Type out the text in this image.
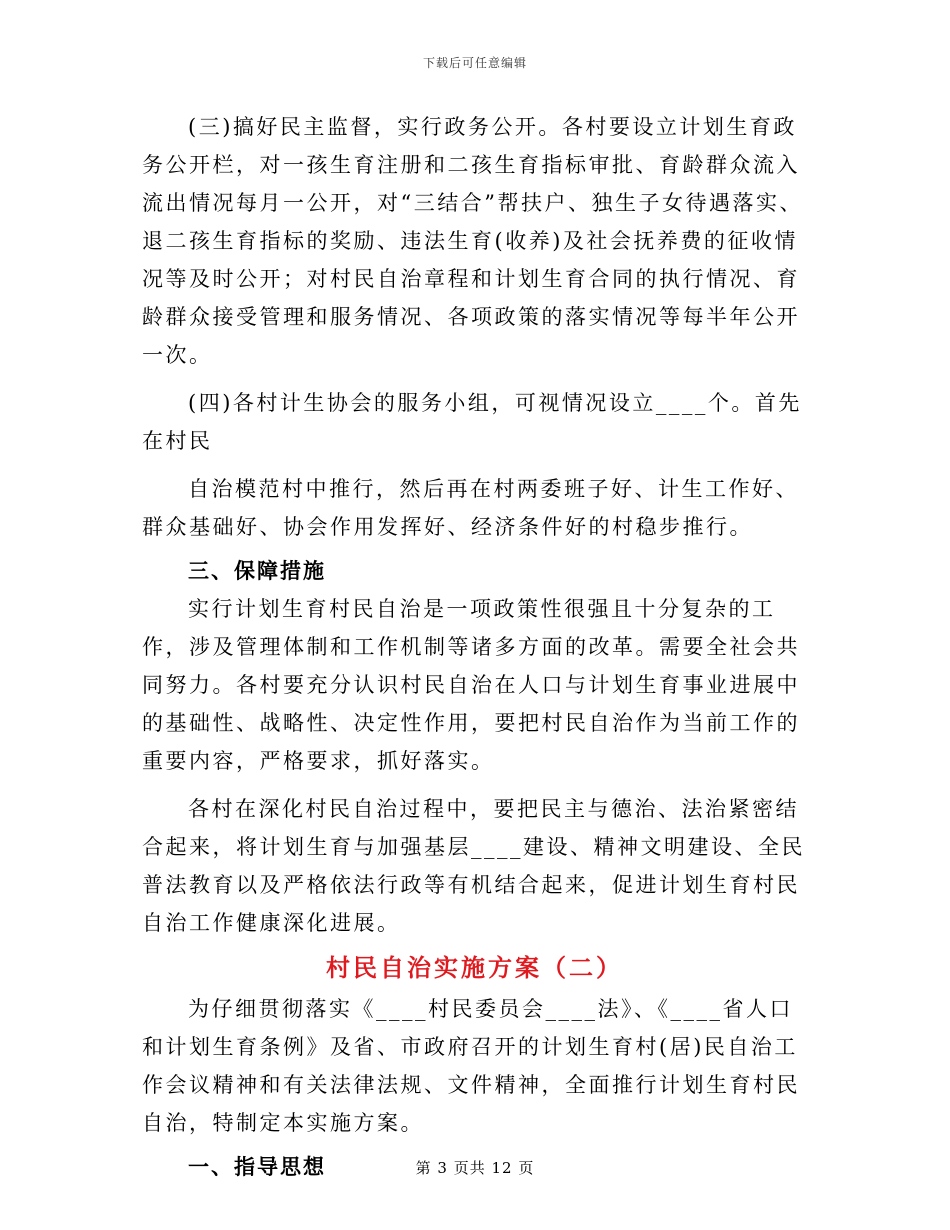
下载后可任意编辑

(三)搞好民主监督，实行政务公开。各村要设立计划生育政务公开栏，对一孩生育注册和二孩生育指标审批、育龄群众流入流出情况每月一公开，对“三结合”帮扶户、独生子女待遇落实、退二孩生育指标的奖励、违法生育(收养)及社会抚养费的征收情况等及时公开；对村民自治章程和计划生育合同的执行情况、育龄群众接受管理和服务情况、各项政策的落实情况等每半年公开一次。

(四)各村计生协会的服务小组，可视情况设立____个。首先在村民

自治模范村中推行，然后再在村两委班子好、计生工作好、群众基础好、协会作用发挥好、经济条件好的村稳步推行。

三、保障措施

实行计划生育村民自治是一项政策性很强且十分复杂的工作，涉及管理体制和工作机制等诸多方面的改革。需要全社会共同努力。各村要充分认识村民自治在人口与计划生育事业进展中的基础性、战略性、决定性作用，要把村民自治作为当前工作的重要内容，严格要求，抓好落实。

各村在深化村民自治过程中，要把民主与德治、法治紧密结合起来，将计划生育与加强基层____建设、精神文明建设、全民普法教育以及严格依法行政等有机结合起来，促进计划生育村民自治工作健康深化进展。

村民自治实施方案（二）

为仔细贯彻落实《____村民委员会____法》、《____省人口和计划生育条例》及省、市政府召开的计划生育村(居)民自治工作会议精神和有关法律法规、文件精神，全面推行计划生育村民自治，特制定本实施方案。

一、指导思想	第 3 页共 12 页
